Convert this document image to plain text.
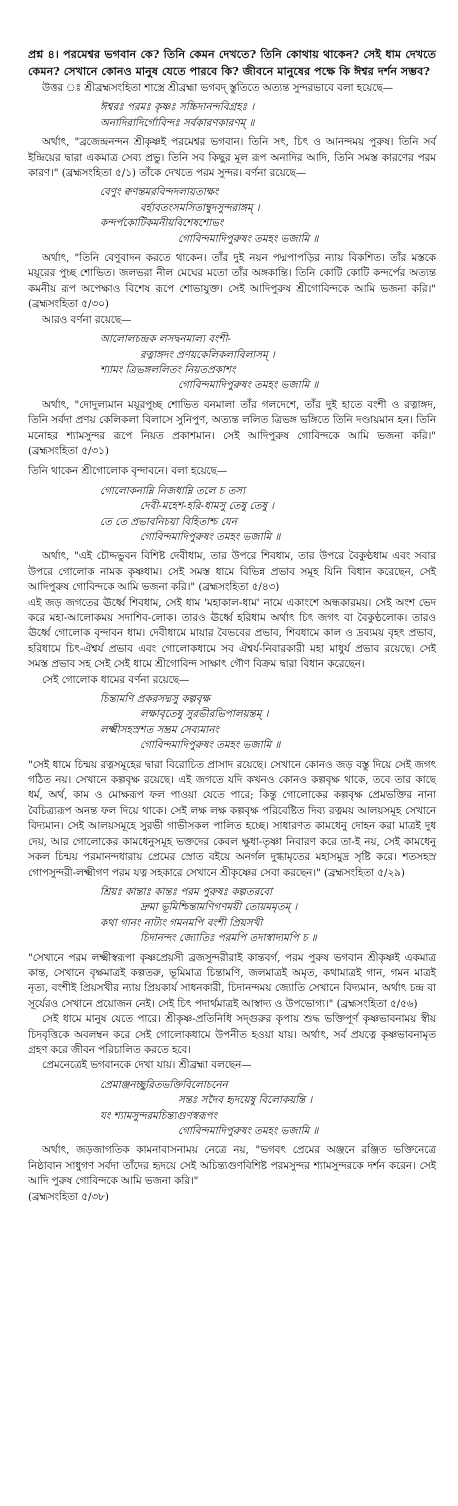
প্রশ্ন ৪। পরমেশ্বর ভগবান কে? তিনি কেমন দেখতে? তিনি কোথায় থাকেন? সেই ধাম দেখতে কেমন? সেখানে কোনও মানুষ যেতে পারবে কি? জীবনে মানুষের পক্ষে কি ঈশ্বর দর্শন সম্ভব?

উত্তর ঃ শ্রীব্রহ্মসংহিতা শাস্ত্রে শ্রীব্রহ্মা ভগবদ্ স্তুতিতে অত্যন্ত সুন্দরভাবে বলা হয়েছে—

ঈশ্বরঃ পরমঃ কৃষ্ণঃ সচ্চিদানন্দবিগ্রহঃ ।
অনাদিরাদির্গোবিন্দঃ সর্বকারণকারণম্ ॥

অর্থাৎ, "ব্রজেন্দ্রনন্দন শ্রীকৃষ্ণই পরমেশ্বর ভগবান। তিনি সৎ, চিৎ ও আনন্দময় পুরুষ। তিনি সর্ব ইন্দ্রিয়ের দ্বারা একমাত্র সেব্য প্রভু। তিনি সব কিছুর মূল রূপ অনাদির আদি, তিনি সমস্ত কারণের পরম কারণ।" (ব্রহ্মসংহিতা ৫/১) তাঁকে দেখতে পরম সুন্দর। বর্ণনা রয়েছে—

বেণুং ক্বণন্তমরবিন্দদলায়তাক্ষং
বর্হাবতংসমসিতাম্বুদসুন্দরাঙ্গম্ ।
কন্দর্পকোটিকমনীয়বিশেষশোভং
গোবিন্দমাদিপুরুষং তমহং ভজামি ॥

অর্থাৎ, "তিনি বেণুবাদন করতে থাকেন। তাঁর দুই নয়ন পদ্মপাপড়ির ন্যায় বিকশিত। তাঁর মস্তকে ময়ূরের পুচ্ছ শোভিত। জলভরা নীল মেঘের মতো তাঁর অঙ্গকান্তি। তিনি কোটি কোটি কন্দর্পের অত্যন্ত কমনীয় রূপ অপেক্ষাও বিশেষ রূপে শোভাযুক্ত। সেই আদিপুরুষ শ্রীগোবিন্দকে আমি ভজনা করি।" (ব্রহ্মসংহিতা ৫/৩০)

আরও বর্ণনা রয়েছে—

আলোলচন্দ্রক লসদ্বনমাল্য বংশী-
রত্নাঙ্গদং প্রণয়কেলিকলাবিলাসম্ ।
শ্যামং ত্রিভঙ্গললিতং নিয়তপ্রকাশং
গোবিন্দমাদিপুরুষং তমহং ভজামি ॥

অর্থাৎ, "দোদুল্যমান ময়ূরপুচ্ছ শোভিত বনমালা তাঁর গলদেশে, তাঁর দুই হাতে বংশী ও রত্নাঙ্গদ, তিনি সর্বদা প্রণয় কেলিকলা বিলাসে সুনিপুণ, অত্যন্ত ললিত ত্রিভঙ্গ ভঙ্গিতে তিনি দণ্ডায়মান হন। তিনি মনোহর শ্যামসুন্দর রূপে নিয়ত প্রকাশমান। সেই আদিপুরুষ গোবিন্দকে আমি ভজনা করি।" (ব্রহ্মসংহিতা ৫/৩১)

তিনি থাকেন শ্রীগোলোক বৃন্দাবনে। বলা হয়েছে—

গোলোকনাম্নি নিজধাম্নি তলে চ তস্য
দেবী-মহেশ-হরি-ধামসু তেষু তেষু ।
তে তে প্রভাবনিচয়া বিহিতাশ্চ যেন
গোবিন্দমাদিপুরুষং তমহং ভজামি ॥

অর্থাৎ, "এই চৌদ্দভুবন বিশিষ্ট দেবীধাম, তার উপরে শিবধাম, তার উপরে বৈকুণ্ঠধাম এবং সবার উপরে গোলোক নামক কৃষ্ণধাম। সেই সমস্ত ধামে বিভিন্ন প্রভাব সমূহ যিনি বিধান করেছেন, সেই আদিপুরুষ গোবিন্দকে আমি ভজনা করি।" (ব্রহ্মসংহিতা ৫/৪৩)

এই জড় জগতের ঊর্ধ্বে শিবধাম, সেই ধাম 'মহাকাল-ধাম' নামে একাংশে অন্ধকারময়। সেই অংশ ভেদ করে মহা-আলোকময় সদাশিব-লোক। তারও ঊর্ধ্বে হরিধাম অর্থাৎ চিৎ জগৎ বা বৈকুণ্ঠলোক। তারও ঊর্ধ্বে গোলোক বৃন্দাবন ধাম। দেবীধামে মায়ার বৈভবের প্রভাব, শিবধামে কাল ও দ্রব্যময় বৃহৎ প্রভাব, হরিধামে চিৎ-ঐশ্বর্য প্রভাব এবং গোলোকধামে সব ঐশ্বর্য-নিবারকারী মহা মাধুর্য প্রভাব রয়েছে। সেই সমস্ত প্রভাব সহ সেই সেই ধামে শ্রীগোবিন্দ সাক্ষাৎ গৌণ বিক্রম দ্বারা বিধান করেছেন।

সেই গোলোক ধামের বর্ণনা রয়েছে—

চিন্তামণি প্রকরসদ্মসু কল্পবৃক্ষ
লক্ষাবৃতেষু সুরভীরভিপালয়ন্তম্ ।
লক্ষ্মীসহস্রশত সম্ভ্রম সেব্যমানং
গোবিন্দমাদিপুরুষং তমহং ভজামি ॥

"সেই ধামে চিন্ময় রত্নসমূহের দ্বারা বিরোচিত প্রাসাদ রয়েছে। সেখানে কোনও জড় বস্তু দিয়ে সেই জগৎ গঠিত নয়। সেখানে কল্পবৃক্ষ রয়েছে। এই জগতে যদি কখনও কোনও কল্পবৃক্ষ থাকে, তবে তার কাছে ধর্ম, অর্থ, কাম ও মোক্ষরূপ ফল পাওয়া যেতে পারে; কিন্তু গোলোকের কল্পবৃক্ষ প্রেমভক্তির নানা বৈচিত্র্যরূপ অনন্ত ফল দিয়ে থাকে। সেই লক্ষ লক্ষ কল্পবৃক্ষ পরিবেষ্টিত দিব্য রত্নময় আলয়সমূহ সেখানে বিদ্যমান। সেই আলয়সমূহে সুরভী গাভীসকল পালিত হচ্ছে। সাধারণত কামধেনু দোহন করা মাত্রই দুধ দেয়, আর গোলোকের কামধেনুসমূহ ভক্তদের কেবল ক্ষুধা-তৃষ্ণা নিবারণ করে তা-ই নয়, সেই কামধেনু সকল চিন্ময় পরমানন্দধারায় প্রেমের স্রোত বইয়ে অনর্গল দুগ্ধামৃতের মহাসমুদ্র সৃষ্টি করে। শতসহস্র গোপসুন্দরী-লক্ষ্মীগণ পরম যত্ন সহকারে সেখানে শ্রীকৃষ্ণের সেবা করছেন।" (ব্রহ্মসংহিতা ৫/২৯)

শ্রিয়ঃ কান্তাঃ কান্তঃ পরম পুরুষঃ কল্পতরবো
দ্রুমা ভূমিশ্চিন্তামণিগণময়ী তোয়মমৃতম্ ।
কথা গানং নাট্যং গমনমপি বংশী প্রিয়সখী
চিদানন্দং জ্যোতিঃ পরমপি তদাস্বাদ্যমপি চ ॥

"সেখানে পরম লক্ষ্মীস্বরূপা কৃষ্ণপ্রেয়সী ব্রজসুন্দরীরাই কান্তবর্গ, পরম পুরুষ ভগবান শ্রীকৃষ্ণই একমাত্র কান্ত, সেখানে বৃক্ষমাত্রই কল্পতরু, ভূমিমাত্র চিন্তামণি, জলমাত্রই অমৃত, কথামাত্রই গান, গমন মাত্রই নৃত্য, বংশীই প্রিয়সখীর ন্যায় প্রিয়কার্য সাধনকারী, চিদানন্দময় জ্যোতি সেখানে বিদ্যমান, অর্থাৎ চন্দ্র বা সূর্যেরও সেখানে প্রয়োজন নেই। সেই চিৎ পদার্থমাত্রই আস্বাদ্য ও উপভোগ্য।" (ব্রহ্মসংহিতা ৫/৫৬)

সেই ধামে মানুষ যেতে পারে। শ্রীকৃষ্ণ-প্রতিনিধি সদ্গুরুর কৃপায় শুদ্ধ ভক্তিপূর্ণ কৃষ্ণভাবনাময় স্বীয় চিদবৃত্তিকে অবলম্বন করে সেই গোলোকধামে উপনীত হওয়া যায়। অর্থাৎ, সর্ব প্রযত্নে কৃষ্ণভাবনামৃত গ্রহণ করে জীবন পরিচালিত করতে হবে।

প্রেমনেত্রেই ভগবানকে দেখা যায়। শ্রীব্রহ্মা বলছেন—

প্রেমাঞ্জনচ্ছুরিতভক্তিবিলোচনেন
সন্তঃ সদৈব হৃদয়েষু বিলোকয়ন্তি ।
যং শ্যামসুন্দরমচিন্ত্যগুণস্বরূপং
গোবিন্দমাদিপুরুষং তমহং ভজামি ॥

অর্থাৎ, জড়জাগতিক কামনাবাসনাময় নেত্রে নয়, "ভগবৎ প্রেমের অঞ্জনে রঞ্জিত ভক্তিনেত্রে নিষ্ঠাবান সাধুগণ সর্বদা তাঁদের হৃদয়ে সেই অচিন্ত্যগুণবিশিষ্ট পরমসুন্দর শ্যামসুন্দরকে দর্শন করেন। সেই আদি পুরুষ গোবিন্দকে আমি ভজনা করি।"

(ব্রহ্মসংহিতা ৫/৩৮)
